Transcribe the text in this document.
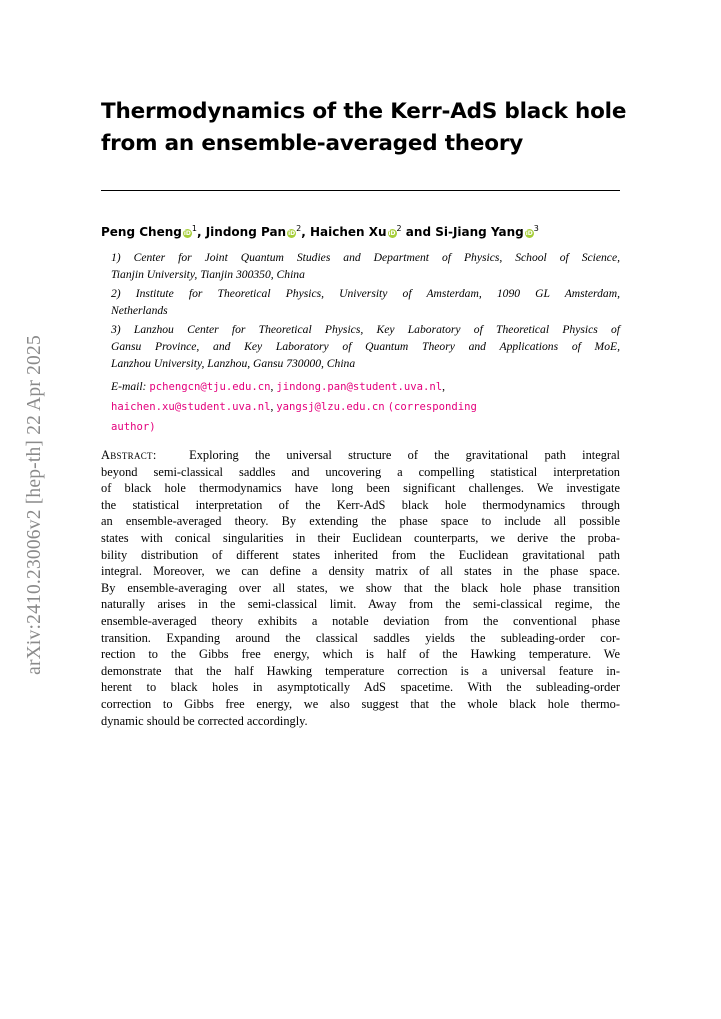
arXiv:2410.23006v2 [hep-th] 22 Apr 2025
Thermodynamics of the Kerr-AdS black hole
from an ensemble-averaged theory
Peng Cheng $iD^1$, Jindong Pan $iD^2$, Haichen Xu $iD^2$ and Si-Jiang Yang $iD^3$
1) Center for Joint Quantum Studies and Department of Physics, School of Science,
Tianjin University, Tianjin 300350, China
2) Institute for Theoretical Physics, University of Amsterdam, 1090 GL Amsterdam,
Netherlands
3) Lanzhou Center for Theoretical Physics, Key Laboratory of Theoretical Physics of
Gansu Province, and Key Laboratory of Quantum Theory and Applications of MoE,
Lanzhou University, Lanzhou, Gansu 730000, China
E-mail: pchengcn@tju.edu.cn, jindong.pan@student.uva.nl,
haichen.xu@student.uva.nl, yangsj@lzu.edu.cn (corresponding
author)
Abstract:	Exploring the universal structure of the gravitational path integral
beyond semi-classical saddles and uncovering a compelling statistical interpretation
of black hole thermodynamics have long been significant challenges. We investigate
the statistical interpretation of the Kerr-AdS black hole thermodynamics through
an ensemble-averaged theory. By extending the phase space to include all possible
states with conical singularities in their Euclidean counterparts, we derive the proba-
bility distribution of different states inherited from the Euclidean gravitational path
integral. Moreover, we can define a density matrix of all states in the phase space.
By ensemble-averaging over all states, we show that the black hole phase transition
naturally arises in the semi-classical limit. Away from the semi-classical regime, the
ensemble-averaged theory exhibits a notable deviation from the conventional phase
transition. Expanding around the classical saddles yields the subleading-order cor-
rection to the Gibbs free energy, which is half of the Hawking temperature. We
demonstrate that the half Hawking temperature correction is a universal feature in-
herent to black holes in asymptotically AdS spacetime. With the subleading-order
correction to Gibbs free energy, we also suggest that the whole black hole thermo-
dynamic should be corrected accordingly.
